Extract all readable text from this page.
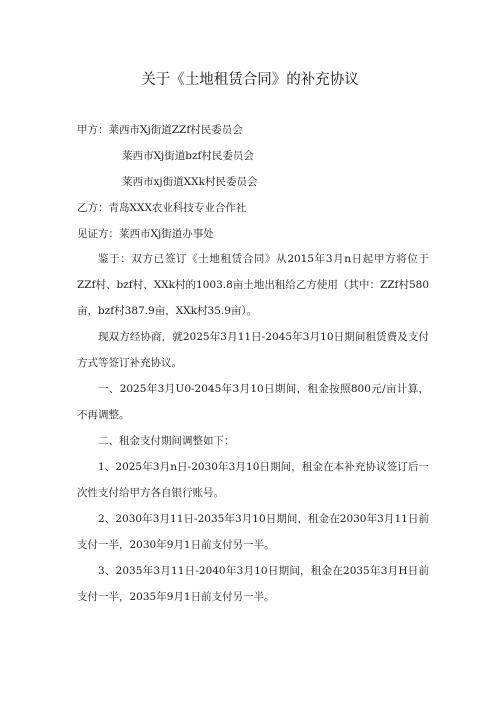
关于《土地租赁合同》的补充协议
甲方：莱西市Xj街道ZZf村民委员会
莱西市Xj街道bzf村民委员会
莱西市xj街道XXk村民委员会
乙方：青岛XXX农业科技专业合作社
见证方：莱西市Xj街道办事处
鉴于：双方已签订《土地租赁合同》从2015年3月n日起甲方将位于ZZf村、bzf村、XXk村的1003.8亩土地出租给乙方使用（其中：ZZf村580亩，bzf村387.9亩，XXk村35.9亩）。
现双方经协商，就2025年3月11日-2045年3月10日期间租赁费及支付方式等签订补充协议。
一、2025年3月U0-2045年3月10日期间，租金按照800元/亩计算，不再调整。
二、租金支付期间调整如下：
1、2025年3月n日-2030年3月10日期间，租金在本补充协议签订后一次性支付给甲方各自银行账号。
2、2030年3月11日-2035年3月10日期间，租金在2030年3月11日前支付一半，2030年9月1日前支付另一半。
3、2035年3月11日-2040年3月10日期间，租金在2035年3月H日前支付一半，2035年9月1日前支付另一半。
